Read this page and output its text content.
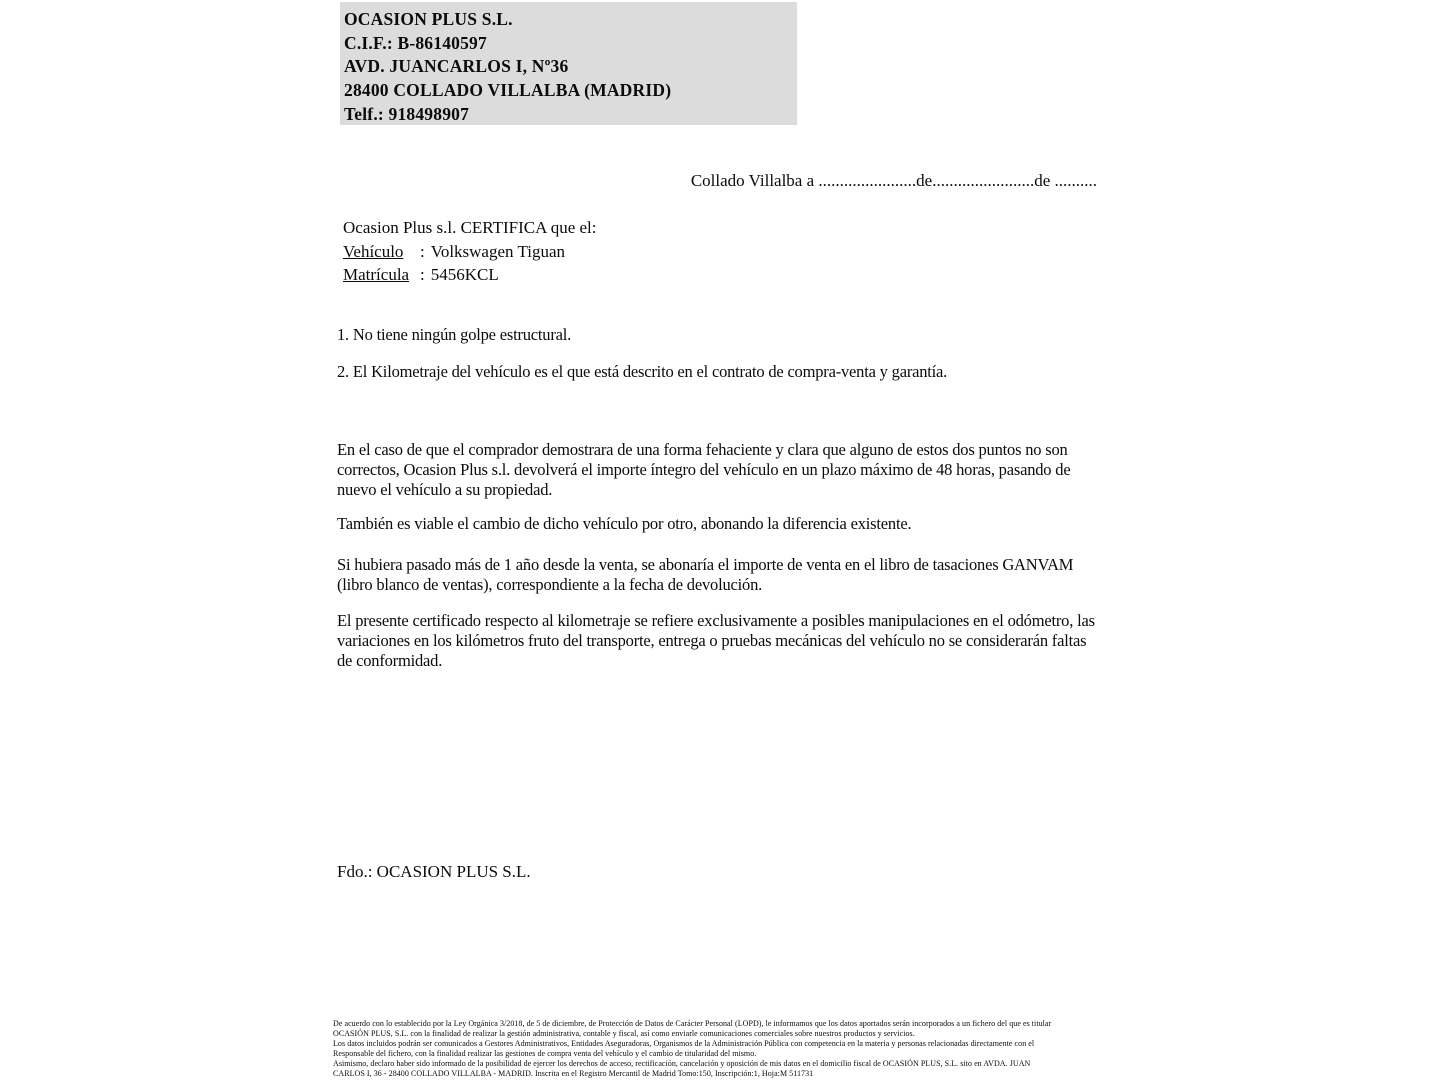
OCASION PLUS S.L.
C.I.F.: B-86140597
AVD. JUANCARLOS I, Nº36
28400 COLLADO VILLALBA (MADRID)
Telf.: 918498907
Collado Villalba a .......................de........................de ..........
Ocasion Plus s.l. CERTIFICA que el:
Vehículo : Volkswagen Tiguan
Matrícula : 5456KCL
1. No tiene ningún golpe estructural.
2. El Kilometraje del vehículo es el que está descrito en el contrato de compra-venta y garantía.
En el caso de que el comprador demostrara de una forma fehaciente y clara que alguno de estos dos puntos no son correctos, Ocasion Plus s.l. devolverá el importe íntegro del vehículo en un plazo máximo de 48 horas, pasando de nuevo el vehículo a su propiedad.
También es viable el cambio de dicho vehículo por otro, abonando la diferencia existente.
Si hubiera pasado más de 1 año desde la venta, se abonaría el importe de venta en el libro de tasaciones GANVAM (libro blanco de ventas), correspondiente a la fecha de devolución.
El presente certificado respecto al kilometraje se refiere exclusivamente a posibles manipulaciones en el odómetro, las variaciones en los kilómetros fruto del transporte, entrega o pruebas mecánicas del vehículo no se considerarán faltas de conformidad.
Fdo.: OCASION PLUS S.L.
De acuerdo con lo establecido por la Ley Orgánica 3/2018, de 5 de diciembre, de Protección de Datos de Carácter Personal (LOPD), le informamos que los datos aportados serán incorporados a un fichero del que es titular
OCASIÓN PLUS, S.L. con la finalidad de realizar la gestión administrativa, contable y fiscal, así como enviarle comunicaciones comerciales sobre nuestros productos y servicios.
Los datos incluidos podrán ser comunicados a Gestores Administrativos, Entidades Aseguradoras, Organismos de la Administración Pública con competencia en la materia y personas relacionadas directamente con el
Responsable del fichero, con la finalidad realizar las gestiones de compra venta del vehículo y el cambio de titularidad del mismo.
Asimismo, declaro haber sido informado de la posibilidad de ejercer los derechos de acceso, rectificación, cancelación y oposición de mis datos en el domicilio fiscal de OCASIÓN PLUS, S.L. sito en AVDA. JUAN
CARLOS I, 36 - 28400 COLLADO VILLALBA - MADRID. Inscrita en el Registro Mercantil de Madrid Tomo:150, Inscripción:1, Hoja:M 511731
